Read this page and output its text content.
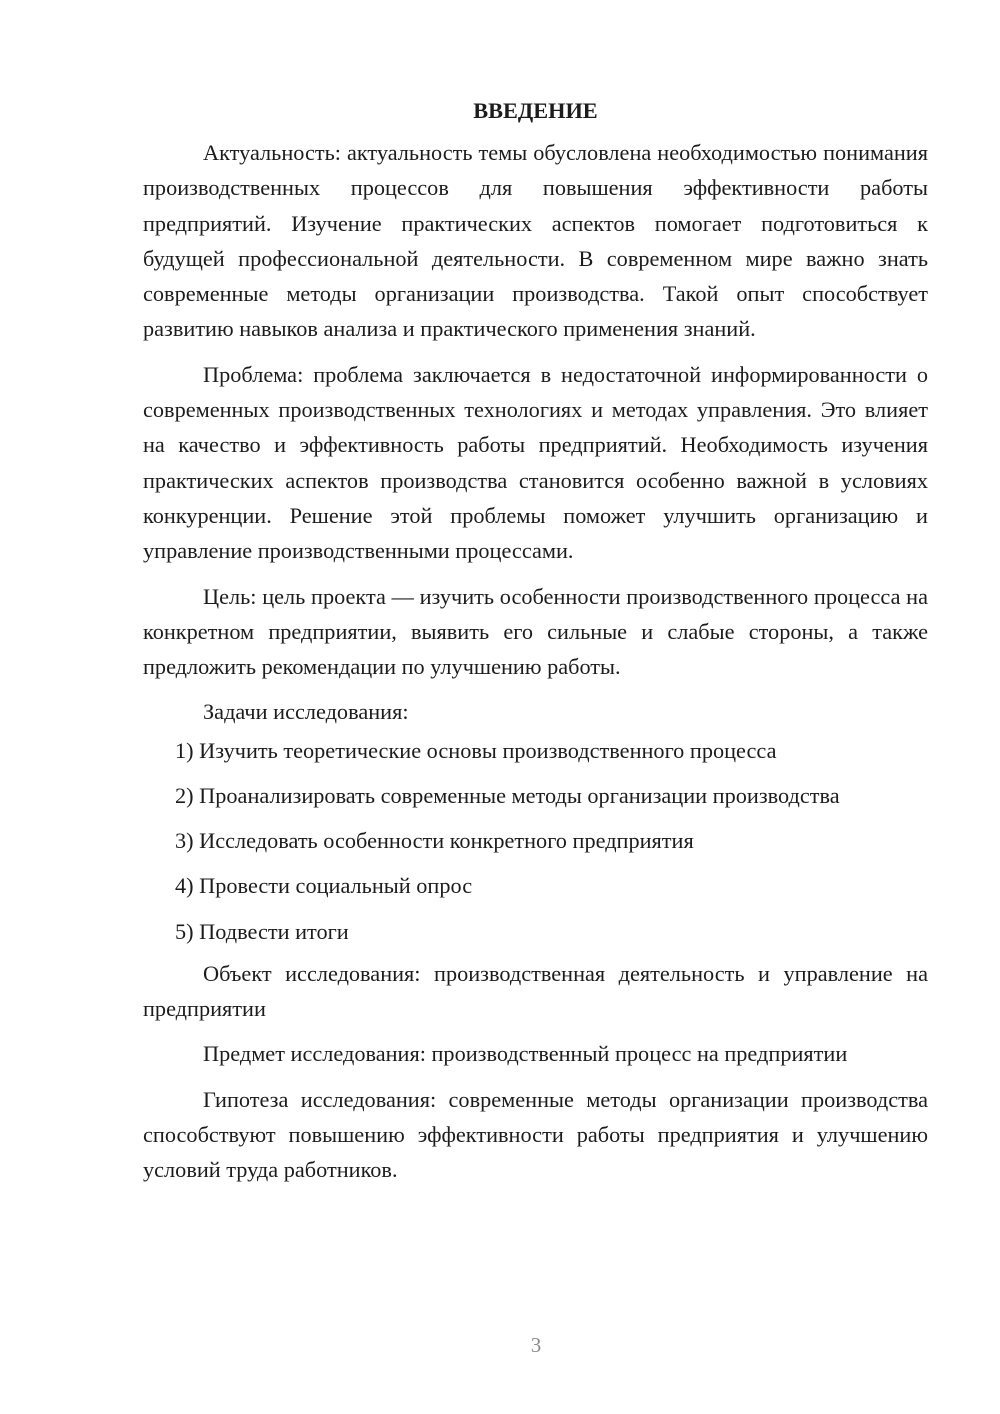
ВВЕДЕНИЕ

Актуальность: актуальность темы обусловлена необходимостью понимания производственных процессов для повышения эффективности работы предприятий. Изучение практических аспектов помогает подготовиться к будущей профессиональной деятельности. В современном мире важно знать современные методы организации производства. Такой опыт способствует развитию навыков анализа и практического применения знаний.

Проблема: проблема заключается в недостаточной информированности о современных производственных технологиях и методах управления. Это влияет на качество и эффективность работы предприятий. Необходимость изучения практических аспектов производства становится особенно важной в условиях конкуренции. Решение этой проблемы поможет улучшить организацию и управление производственными процессами.

Цель: цель проекта — изучить особенности производственного процесса на конкретном предприятии, выявить его сильные и слабые стороны, а также предложить рекомендации по улучшению работы.

Задачи исследования:

1) Изучить теоретические основы производственного процесса

2) Проанализировать современные методы организации производства

3) Исследовать особенности конкретного предприятия

4) Провести социальный опрос

5) Подвести итоги

Объект исследования: производственная деятельность и управление на предприятии

Предмет исследования: производственный процесс на предприятии

Гипотеза исследования: современные методы организации производства способствуют повышению эффективности работы предприятия и улучшению условий труда работников.

3
